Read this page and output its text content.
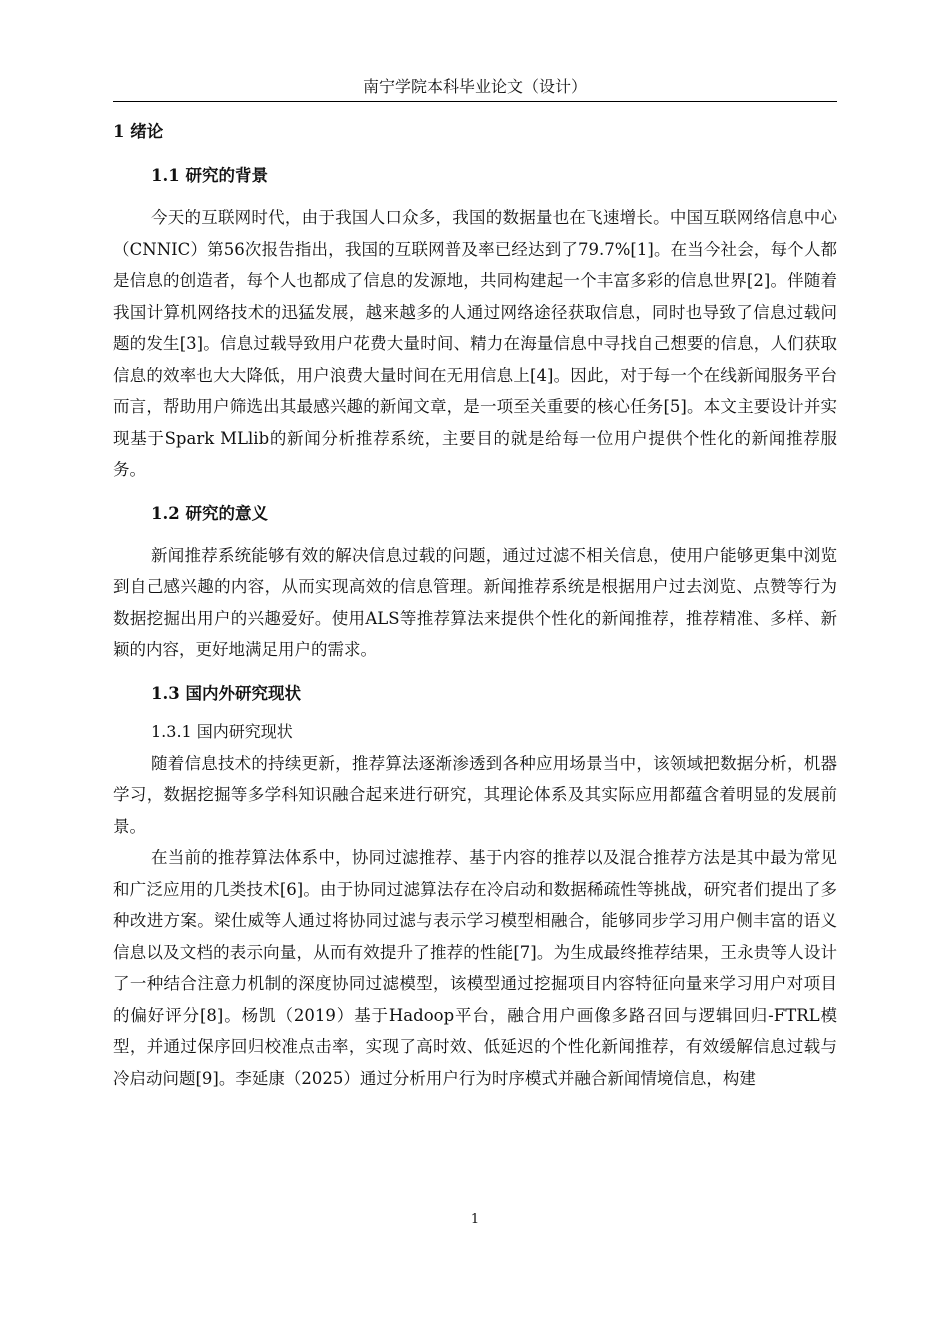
南宁学院本科毕业论文（设计）
1 绪论
1.1 研究的背景
今天的互联网时代，由于我国人口众多，我国的数据量也在飞速增长。中国互联网络信息中心（CNNIC）第56次报告指出，我国的互联网普及率已经达到了79.7%[1]。在当今社会，每个人都是信息的创造者，每个人也都成了信息的发源地，共同构建起一个丰富多彩的信息世界[2]。伴随着我国计算机网络技术的迅猛发展，越来越多的人通过网络途径获取信息，同时也导致了信息过载问题的发生[3]。信息过载导致用户花费大量时间、精力在海量信息中寻找自己想要的信息，人们获取信息的效率也大大降低，用户浪费大量时间在无用信息上[4]。因此，对于每一个在线新闻服务平台而言，帮助用户筛选出其最感兴趣的新闻文章，是一项至关重要的核心任务[5]。本文主要设计并实现基于Spark MLlib的新闻分析推荐系统，主要目的就是给每一位用户提供个性化的新闻推荐服务。
1.2 研究的意义
新闻推荐系统能够有效的解决信息过载的问题，通过过滤不相关信息，使用户能够更集中浏览到自己感兴趣的内容，从而实现高效的信息管理。新闻推荐系统是根据用户过去浏览、点赞等行为数据挖掘出用户的兴趣爱好。使用ALS等推荐算法来提供个性化的新闻推荐，推荐精准、多样、新颖的内容，更好地满足用户的需求。
1.3 国内外研究现状
1.3.1 国内研究现状
随着信息技术的持续更新，推荐算法逐渐渗透到各种应用场景当中，该领域把数据分析，机器学习，数据挖掘等多学科知识融合起来进行研究，其理论体系及其实际应用都蕴含着明显的发展前景。
在当前的推荐算法体系中，协同过滤推荐、基于内容的推荐以及混合推荐方法是其中最为常见和广泛应用的几类技术[6]。由于协同过滤算法存在冷启动和数据稀疏性等挑战，研究者们提出了多种改进方案。梁仕威等人通过将协同过滤与表示学习模型相融合，能够同步学习用户侧丰富的语义信息以及文档的表示向量，从而有效提升了推荐的性能[7]。为生成最终推荐结果，王永贵等人设计了一种结合注意力机制的深度协同过滤模型，该模型通过挖掘项目内容特征向量来学习用户对项目的偏好评分[8]。杨凯（2019）基于Hadoop平台，融合用户画像多路召回与逻辑回归-FTRL模型，并通过保序回归校准点击率，实现了高时效、低延迟的个性化新闻推荐，有效缓解信息过载与冷启动问题[9]。李延康（2025）通过分析用户行为时序模式并融合新闻情境信息，构建
1
